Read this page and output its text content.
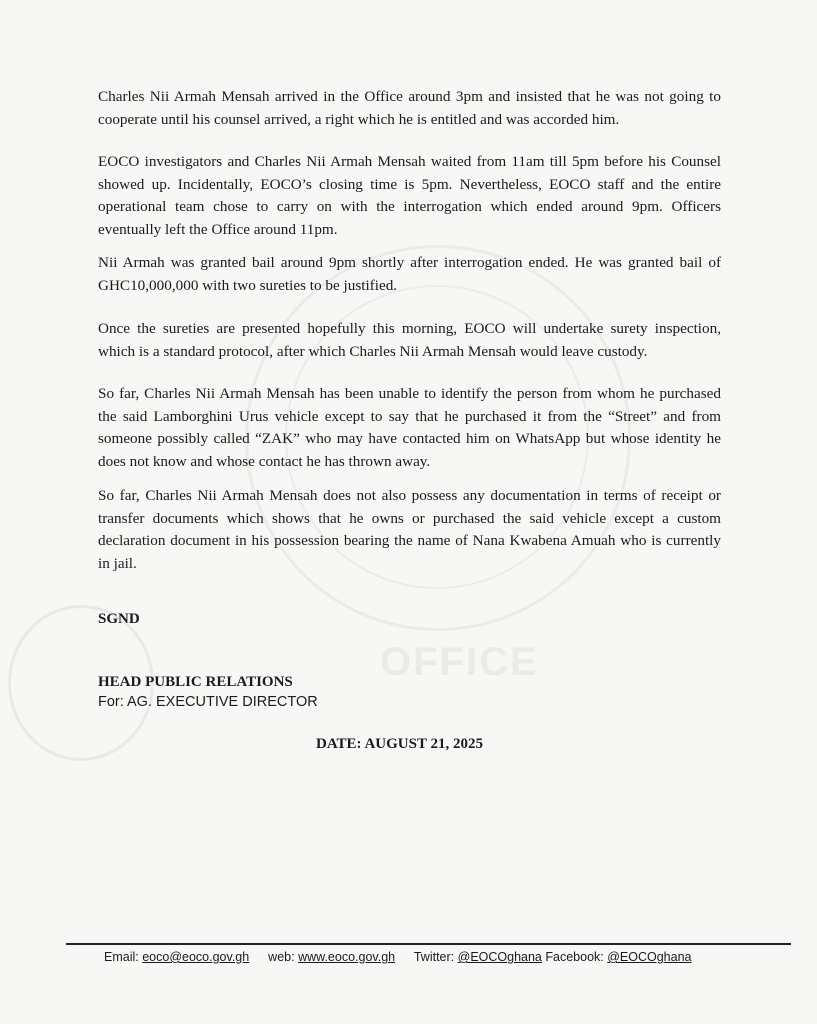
OFFICE

Charles Nii Armah Mensah arrived in the Office around 3pm and insisted that he was not going to cooperate until his counsel arrived, a right which he is entitled and was accorded him.

EOCO investigators and Charles Nii Armah Mensah waited from 11am till 5pm before his Counsel showed up. Incidentally, EOCO’s closing time is 5pm. Nevertheless, EOCO staff and the entire operational team chose to carry on with the interrogation which ended around 9pm. Officers eventually left the Office around 11pm.

Nii Armah was granted bail around 9pm shortly after interrogation ended. He was granted bail of GHC10,000,000 with two sureties to be justified.

Once the sureties are presented hopefully this morning, EOCO will undertake surety inspection, which is a standard protocol, after which Charles Nii Armah Mensah would leave custody.

So far, Charles Nii Armah Mensah has been unable to identify the person from whom he purchased the said Lamborghini Urus vehicle except to say that he purchased it from the “Street” and from someone possibly called “ZAK” who may have contacted him on WhatsApp but whose identity he does not know and whose contact he has thrown away.

So far, Charles Nii Armah Mensah does not also possess any documentation in terms of receipt or transfer documents which shows that he owns or purchased the said vehicle except a custom declaration document in his possession bearing the name of Nana Kwabena Amuah who is currently in jail.

SGND

HEAD PUBLIC RELATIONS

For: AG. EXECUTIVE DIRECTOR

DATE: AUGUST 21, 2025

Email: eoco@eoco.gov.gh web: www.eoco.gov.gh Twitter: @EOCOghana Facebook: @EOCOghana
